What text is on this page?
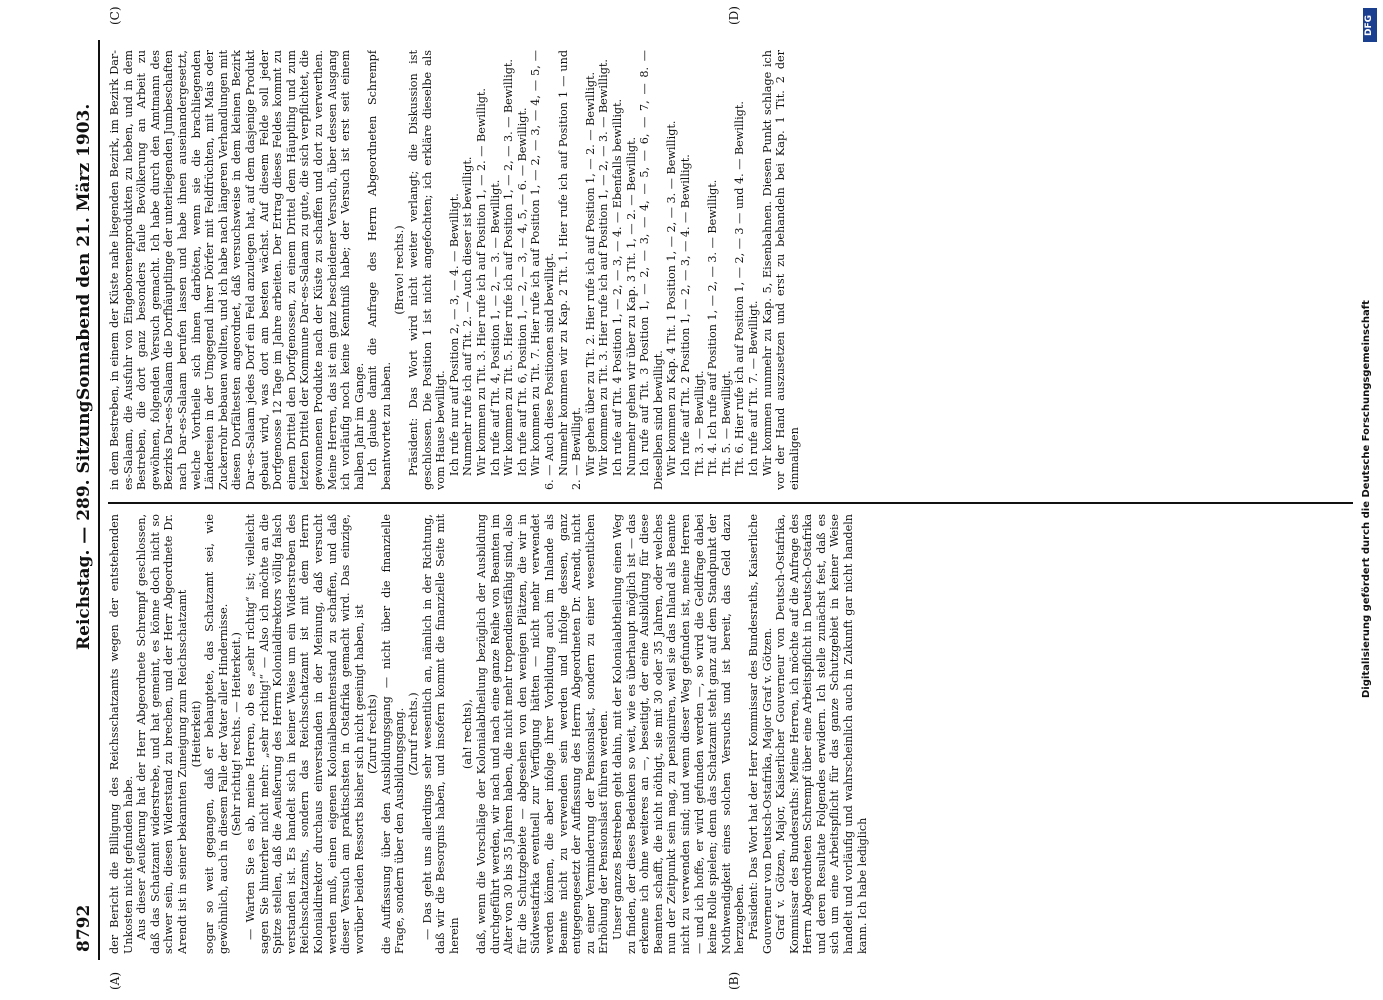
8792
Reichstag. — 289. Sitzung.
Sonnabend den 21. März 1903.
(A)	(B)
(C)	(D)

der Bericht die Billigung des Reichsschatzamts wegen der entstehenden Unkosten nicht gefunden habe. Aus dieser Aeußerung hat der Herr Abgeordnete Schrempf geschlossen, daß das Schatzamt widerstrebe, und hat gemeint, es könne doch nicht so schwer sein, diesen Widerstand zu brechen, und der Herr Abgeordnete Dr. Arendt ist in seiner bekannten Zuneigung zum Reichsschatzamt (Heiterkeit) sogar so weit gegangen, daß er behauptete, das Schatzamt sei, wie gewöhnlich, auch in diesem Falle der Vater aller Hindernisse. (Sehr richtig! rechts. — Heiterkeit.) — Warten Sie es ab, meine Herren, ob es „sehr richtig“ ist; vielleicht sagen Sie hinterher nicht mehr: „sehr richtig!“ — Also ich möchte an die Spitze stellen, daß die Aeußerung des Herrn Kolonialdirektors völlig falsch verstanden ist. Es handelt sich in keiner Weise um ein Widerstreben des Reichsschatzamts, sondern das Reichsschatzamt ist mit dem Herrn Kolonialdirektor durchaus einverstanden in der Meinung, daß versucht werden muß, einen eigenen Kolonialbeamtenstand zu schaffen, und daß dieser Versuch am praktischsten in Ostafrika gemacht wird. Das einzige, worüber beiden Ressorts bisher sich nicht geeinigt haben, ist (Zuruf rechts) die Auffassung über den Ausbildungsgang — nicht über die finanzielle Frage, sondern über den Ausbildungsgang. (Zuruf rechts.) — Das geht uns allerdings sehr wesentlich an, nämlich in der Richtung, daß wir die Besorgnis haben, und insofern kommt die finanzielle Seite mit herein

(ah! rechts), daß, wenn die Vorschläge der Kolonialabtheilung bezüglich der Ausbildung durchgeführt werden, wir nach und nach eine ganze Reihe von Beamten im Alter von 30 bis 35 Jahren haben, die nicht mehr tropendienstfähig sind, also für die Schutzgebiete — abgesehen von den wenigen Plätzen, die wir in Südwestafrika eventuell zur Verfügung hätten — nicht mehr verwendet werden können, die aber infolge ihrer Vorbildung auch im Inlande als Beamte nicht zu verwenden sein werden und infolge dessen, ganz entgegengesetzt der Auffassung des Herrn Abgeordneten Dr. Arendt, nicht zu einer Verminderung der Pensionslast, sondern zu einer wesentlichen Erhöhung der Pensionslast führen werden. Unser ganzes Bestreben geht dahin, mit der Kolonialabtheilung einen Weg zu finden, der dieses Bedenken so weit, wie es überhaupt möglich ist — das erkenne ich ohne weiteres an —, beseitigt, der eine Ausbildung für diese Beamten schafft, die nicht nöthigt, sie mit 30 oder 35 Jahren, oder welches nun der Zeitpunkt sein mag, zu pensioniren, weil sie das Inland als Beamte nicht zu verwenden sind; und wenn dieser Weg gefunden ist, meine Herren — und ich hoffe, er wird gefunden werden —, so wird die Geldfrage dabei keine Rolle spielen; denn das Schatzamt steht ganz auf dem Standpunkt der Nothwendigkeit eines solchen Versuchs und ist bereit, das Geld dazu herzugeben. Präsident: Das Wort hat der Herr Kommissar des Bundesraths, Kaiserliche Gouverneur von Deutsch-Ostafrika, Major Graf v. Götzen. Graf v. Götzen, Major, Kaiserlicher Gouverneur von Deutsch-Ostafrika, Kommissar des Bundesraths: Meine Herren, ich möchte auf die Anfrage des Herrn Abgeordneten Schrempf über eine Arbeitspflicht in Deutsch-Ostafrika und deren Resultate Folgendes erwidern. Ich stelle zunächst fest, daß es sich um eine Arbeitspflicht für das ganze Schutzgebiet in keiner Weise handelt und vorläufig und wahrscheinlich auch in Zukunft gar nicht handeln kann. Ich habe lediglich

in dem Bestreben, in einem der Küste nahe liegenden Bezirk, im Bezirk Dar-es-Salaam, die Ausfuhr von Eingeborenenprodukten zu heben, und in dem Bestreben, die dort ganz besonders faule Bevölkerung an Arbeit zu gewöhnen, folgenden Versuch gemacht. Ich habe durch den Amtmann des Bezirks Dar-es-Salaam die Dorfhäuptlinge der unterliegenden Jumbeschaften nach Dar-es-Salaam berufen lassen und habe ihnen auseinandergesetzt, welche Vortheile sich ihnen darböten, wenn sie die brachliegenden Ländereien in der Umgegend ihrer Dörfer mit Feldfrüchten, mit Mais oder Zuckerrohr bebauen wollten, und ich habe nach längeren Verhandlungen mit diesen Dorfältesten angeordnet, daß versuchsweise in dem kleinen Bezirk Dar-es-Salaam jedes Dorf ein Feld anzulegen hat, auf dem dasjenige Produkt gebaut wird, was dort am besten wächst. Auf diesem Felde soll jeder Dorfgenosse 12 Tage im Jahre arbeiten. Der Ertrag dieses Feldes kommt zu einem Drittel den Dorfgenossen, zu einem Drittel dem Häuptling und zum letzten Drittel der Kommune Dar-es-Salaam zu gute, die sich verpflichtet, die gewonnenen Produkte nach der Küste zu schaffen und dort zu verwerthen. Meine Herren, das ist ein ganz bescheidener Versuch, über dessen Ausgang ich vorläufig noch keine Kenntniß habe; der Versuch ist erst seit einem halben Jahr im Gange. Ich glaube damit die Anfrage des Herrn Abgeordneten Schrempf beantwortet zu haben.

(Bravo! rechts.) Präsident: Das Wort wird nicht weiter verlangt; die Diskussion ist geschlossen. Die Position 1 ist nicht angefochten; ich erkläre dieselbe als vom Hause bewilligt. Ich rufe nur auf Position 2, — 3, — 4. — Bewilligt. Nunmehr rufe ich auf Tit. 2. — Auch dieser ist bewilligt. Wir kommen zu Tit. 3. Hier rufe ich auf Position 1, — 2. — Bewilligt. Ich rufe auf Tit. 4, Position 1, — 2, — 3. — Bewilligt. Wir kommen zu Tit. 5. Hier rufe ich auf Position 1, — 2, — 3. — Bewilligt. Ich rufe auf Tit. 6, Position 1, — 2, — 3, — 4, 5, — 6. — Bewilligt. Wir kommen zu Tit. 7. Hier rufe ich auf Position 1, — 2, — 3, — 4, — 5, — 6. — Auch diese Positionen sind bewilligt. Nunmehr kommen wir zu Kap. 2 Tit. 1. Hier rufe ich auf Position 1 — und 2. — Bewilligt. Wir gehen über zu Tit. 2. Hier rufe ich auf Position 1, — 2. — Bewilligt. Wir kommen zu Tit. 3. Hier rufe ich auf Position 1, — 2, — 3. — Bewilligt. Ich rufe auf Tit. 4 Position 1, — 2, — 3, — 4. — Ebenfalls bewilligt. Nunmehr gehen wir über zu Kap. 3 Tit. 1, — 2. — Bewilligt. Ich rufe auf Tit. 3 Position 1, — 2, — 3, — 4, — 5, — 6, — 7, — 8. — Dieselben sind bewilligt. Wir kommen zu Kap. 4 Tit. 1 Position 1, — 2, — 3. — Bewilligt. Ich rufe auf Tit. 2 Position 1, — 2, — 3, — 4. — Bewilligt. Tit. 3. — Bewilligt. Tit. 4. Ich rufe auf Position 1, — 2, — 3. — Bewilligt. Tit. 5. — Bewilligt. Tit. 6. Hier rufe ich auf Position 1, — 2, — 3 — und 4. — Bewilligt. Ich rufe auf Tit. 7. — Bewilligt. Wir kommen nunmehr zu Kap. 5, Eisenbahnen. Diesen Punkt schlage ich vor der Hand auszusetzen und erst zu behandeln bei Kap. 1 Tit. 2 der einmaligen	Digitalisierung gefördert durch die Deutsche Forschungsgemeinschaft
DFG
